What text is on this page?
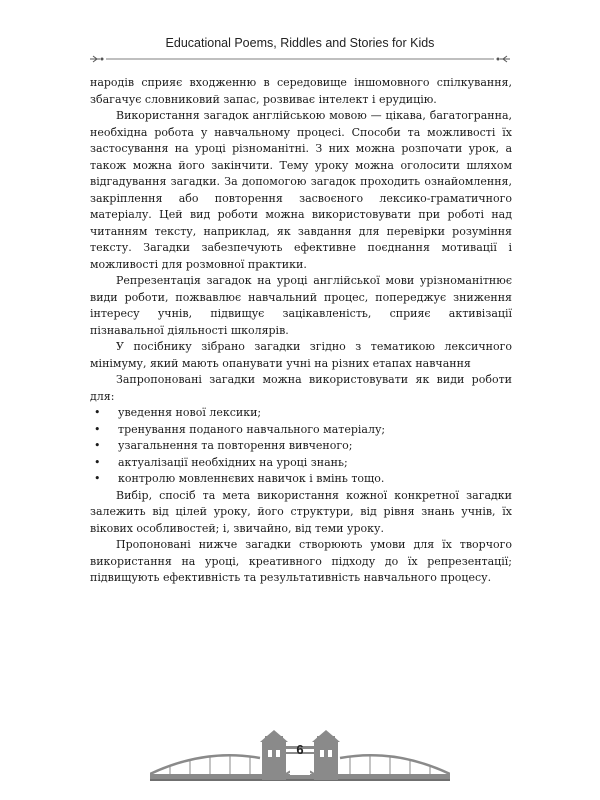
Educational Poems, Riddles and Stories for Kids

народів сприяє входженню в середовище іншомовного спілкування, збагачує словниковий запас, розвиває інтелект і ерудицію.

Використання загадок англійською мовою — цікава, багатогранна, необхідна робота у навчальному процесі. Способи та можливості їх застосування на уроці різноманітні. З них можна розпочати урок, а також можна його закінчити. Тему уроку можна оголосити шляхом відгадування загадки. За допомогою загадок проходить ознайомлення, закріплення або повторення засвоєного лексико-граматичного матеріалу. Цей вид роботи можна використовувати при роботі над читанням тексту, наприклад, як завдання для перевірки розуміння тексту. Загадки забезпечують ефективне поєднання мотивації і можливості для розмовної практики.

Репрезентація загадок на уроці англійської мови урізноманітнює види роботи, пожвавлює навчальний процес, попереджує зниження інтересу учнів, підвищує зацікавленість, сприяє активізації пізнавальної діяльності школярів.

У посібнику зібрано загадки згідно з тематикою лексичного мінімуму, який мають опанувати учні на різних етапах навчання

Запропоновані загадки можна використовувати як види роботи для:

• уведення нової лексики;
• тренування поданого навчального матеріалу;
• узагальнення та повторення вивченого;
• актуалізації необхідних на уроці знань;
• контролю мовленнєвих навичок і вмінь тощо.

Вибір, спосіб та мета використання кожної конкретної загадки залежить від цілей уроку, його структури, від рівня знань учнів, їх вікових особливостей; і, звичайно, від теми уроку.

Пропоновані нижче загадки створюють умови для їх творчого використання на уроці, креативного підходу до їх репрезентації; підвищують ефективність та результативність навчального процесу.

6
